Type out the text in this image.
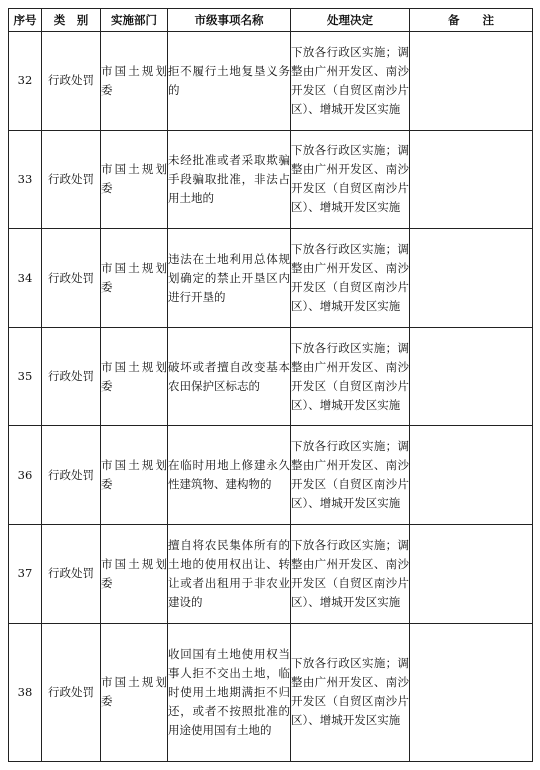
序号	类　别	实施部门	市级事项名称	处理决定	备　　注
32	行政处罚	市国土规划委	拒不履行土地复垦义务的	下放各行政区实施；调整由广州开发区、南沙开发区（自贸区南沙片区）、增城开发区实施	
33	行政处罚	市国土规划委	未经批准或者采取欺骗手段骗取批准，非法占用土地的	下放各行政区实施；调整由广州开发区、南沙开发区（自贸区南沙片区）、增城开发区实施	
34	行政处罚	市国土规划委	违法在土地利用总体规划确定的禁止开垦区内进行开垦的	下放各行政区实施；调整由广州开发区、南沙开发区（自贸区南沙片区）、增城开发区实施	
35	行政处罚	市国土规划委	破坏或者擅自改变基本农田保护区标志的	下放各行政区实施；调整由广州开发区、南沙开发区（自贸区南沙片区）、增城开发区实施	
36	行政处罚	市国土规划委	在临时用地上修建永久性建筑物、建构物的	下放各行政区实施；调整由广州开发区、南沙开发区（自贸区南沙片区）、增城开发区实施	
37	行政处罚	市国土规划委	擅自将农民集体所有的土地的使用权出让、转让或者出租用于非农业建设的	下放各行政区实施；调整由广州开发区、南沙开发区（自贸区南沙片区）、增城开发区实施	
38	行政处罚	市国土规划委	收回国有土地使用权当事人拒不交出土地，临时使用土地期满拒不归还，或者不按照批准的用途使用国有土地的	下放各行政区实施；调整由广州开发区、南沙开发区（自贸区南沙片区）、增城开发区实施	
